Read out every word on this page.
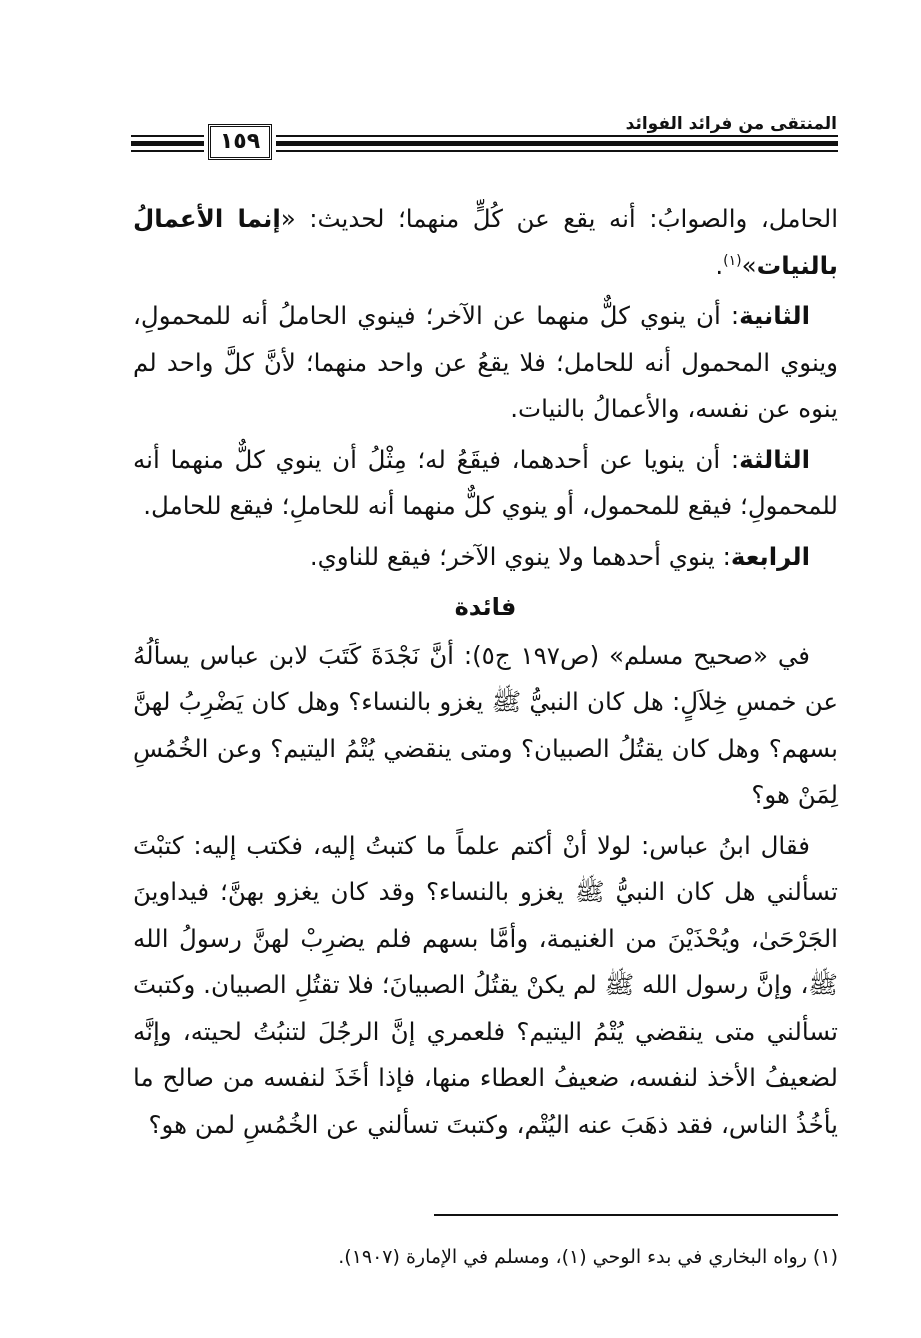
المنتقى من فرائد الفوائد
١٥٩

الحامل، والصوابُ: أنه يقع عن كُلٍّ منهما؛ لحديث: «إنما الأعمالُ بالنيات»$^{(١)}$.

الثانية: أن ينوي كلٌّ منهما عن الآخر؛ فينوي الحاملُ أنه للمحمولِ، وينوي المحمول أنه للحامل؛ فلا يقعُ عن واحد منهما؛ لأنَّ كلَّ واحد لم ينوه عن نفسه، والأعمالُ بالنيات.

الثالثة: أن ينويا عن أحدهما، فيقَعُ له؛ مِثْلُ أن ينوي كلٌّ منهما أنه للمحمولِ؛ فيقع للمحمول، أو ينوي كلٌّ منهما أنه للحاملِ؛ فيقع للحامل.

الرابعة: ينوي أحدهما ولا ينوي الآخر؛ فيقع للناوي.

فائدة

في «صحيح مسلم» (ص١٩٧ ج٥): أنَّ نَجْدَةَ كَتَبَ لابن عباس يسألُهُ عن خمسِ خِلاَلٍ: هل كان النبيُّ ﷺ يغزو بالنساء؟ وهل كان يَضْرِبُ لهنَّ بسهم؟ وهل كان يقتُلُ الصبيان؟ ومتى ينقضي يُتْمُ اليتيم؟ وعن الخُمُسِ لِمَنْ هو؟

فقال ابنُ عباس: لولا أنْ أكتم علماً ما كتبتُ إليه، فكتب إليه: كتبْتَ تسألني هل كان النبيُّ ﷺ يغزو بالنساء؟ وقد كان يغزو بهنَّ؛ فيداوينَ الجَرْحَىٰ، ويُحْذَيْنَ من الغنيمة، وأمَّا بسهم فلم يضرِبْ لهنَّ رسولُ الله ﷺ، وإنَّ رسول الله ﷺ لم يكنْ يقتُلُ الصبيانَ؛ فلا تقتُلِ الصبيان. وكتبتَ تسألني متى ينقضي يُتْمُ اليتيم؟ فلعمري إنَّ الرجُلَ لتنبُتُ لحيته، وإنَّه لضعيفُ الأخذ لنفسه، ضعيفُ العطاء منها، فإذا أخَذَ لنفسه من صالح ما يأخُذُ الناس، فقد ذهَبَ عنه اليُتْم، وكتبتَ تسألني عن الخُمُسِ لمن هو؟

(١) رواه البخاري في بدء الوحي (١)، ومسلم في الإمارة (١٩٠٧).
